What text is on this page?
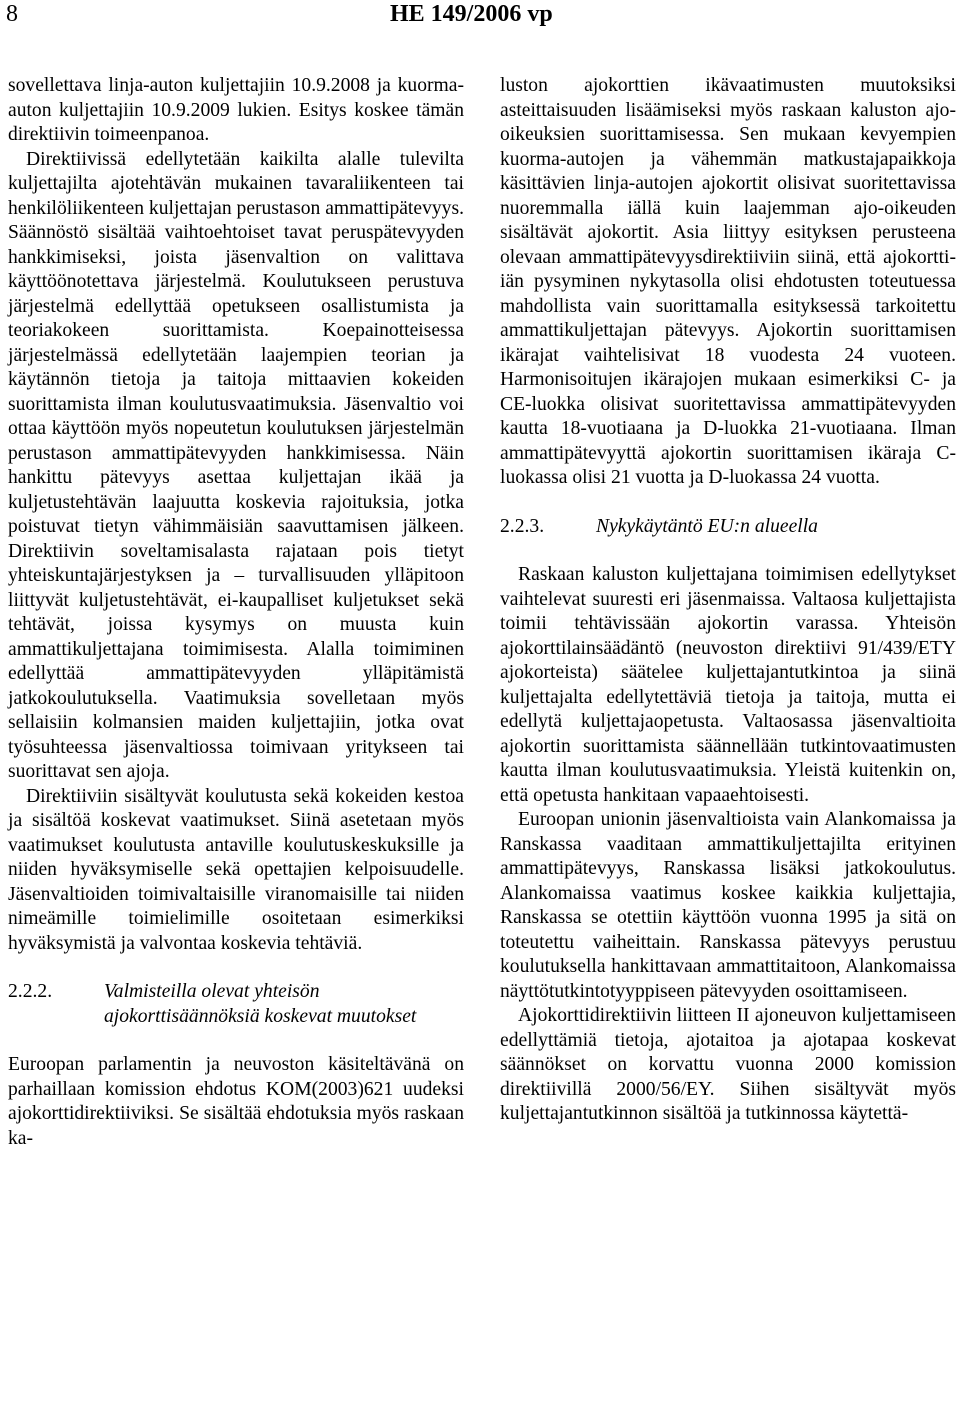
8	HE 149/2006 vp

sovellettava linja-auton kuljettajiin 10.9.2008 ja kuorma-auton kuljettajiin 10.9.2009 lukien. Esitys koskee tämän direktiivin toimeenpanoa.

Direktiivissä edellytetään kaikilta alalle tulevilta kuljettajilta ajotehtävän mukainen tavaraliikenteen tai henkilöliikenteen kuljettajan perustason ammattipätevyys. Säännöstö sisältää vaihtoehtoiset tavat peruspätevyyden hankkimiseksi, joista jäsenvaltion on valittava käyttöönotettava järjestelmä. Koulutukseen perustuva järjestelmä edellyttää opetukseen osallistumista ja teoriakokeen suorittamista. Koepainotteisessa järjestelmässä edellytetään laajempien teorian ja käytännön tietoja ja taitoja mittaavien kokeiden suorittamista ilman koulutusvaatimuksia. Jäsenvaltio voi ottaa käyttöön myös nopeutetun koulutuksen järjestelmän perustason ammattipätevyyden hankkimisessa. Näin hankittu pätevyys asettaa kuljettajan ikää ja kuljetustehtävän laajuutta koskevia rajoituksia, jotka poistuvat tietyn vähimmäisiän saavuttamisen jälkeen. Direktiivin soveltamisalasta rajataan pois tietyt yhteiskuntajärjestyksen ja – turvallisuuden ylläpitoon liittyvät kuljetustehtävät, ei-kaupalliset kuljetukset sekä tehtävät, joissa kysymys on muusta kuin ammattikuljettajana toimimisesta. Alalla toimiminen edellyttää ammattipätevyyden ylläpitämistä jatkokoulutuksella. Vaatimuksia sovelletaan myös sellaisiin kolmansien maiden kuljettajiin, jotka ovat työsuhteessa jäsenvaltiossa toimivaan yritykseen tai suorittavat sen ajoja.

Direktiiviin sisältyvät koulutusta sekä kokeiden kestoa ja sisältöä koskevat vaatimukset. Siinä asetetaan myös vaatimukset koulutusta antaville koulutuskeskuksille ja niiden hyväksymiselle sekä opettajien kelpoisuudelle. Jäsenvaltioiden toimivaltaisille viranomaisille tai niiden nimeämille toimielimille osoitetaan esimerkiksi hyväksymistä ja valvontaa koskevia tehtäviä.

2.2.2.	Valmisteilla olevat yhteisön ajokorttisäännöksiä koskevat muutokset

Euroopan parlamentin ja neuvoston käsiteltävänä on parhaillaan komission ehdotus KOM(2003)621 uudeksi ajokorttidirektiiviksi. Se sisältää ehdotuksia myös raskaan ka-

luston ajokorttien ikävaatimusten muutoksiksi asteittaisuuden lisäämiseksi myös raskaan kaluston ajo-oikeuksien suorittamisessa. Sen mukaan kevyempien kuorma-autojen ja vähemmän matkustajapaikkoja käsittävien linja-autojen ajokortit olisivat suoritettavissa nuoremmalla iällä kuin laajemman ajo-oikeuden sisältävät ajokortit. Asia liittyy esityksen perusteena olevaan ammattipätevyysdirektiiviin siinä, että ajokortti-iän pysyminen nykytasolla olisi ehdotusten toteutuessa mahdollista vain suorittamalla esityksessä tarkoitettu ammattikuljettajan pätevyys. Ajokortin suorittamisen ikärajat vaihtelisivat 18 vuodesta 24 vuoteen. Harmonisoitujen ikärajojen mukaan esimerkiksi C- ja CE-luokka olisivat suoritettavissa ammattipätevyyden kautta 18-vuotiaana ja D-luokka 21-vuotiaana. Ilman ammattipätevyyttä ajokortin suorittamisen ikäraja C-luokassa olisi 21 vuotta ja D-luokassa 24 vuotta.

2.2.3.	Nykykäytäntö EU:n alueella

Raskaan kaluston kuljettajana toimimisen edellytykset vaihtelevat suuresti eri jäsenmaissa. Valtaosa kuljettajista toimii tehtävissään ajokortin varassa. Yhteisön ajokorttilainsäädäntö (neuvoston direktiivi 91/439/ETY ajokorteista) säätelee kuljettajantutkintoa ja siinä kuljettajalta edellytettäviä tietoja ja taitoja, mutta ei edellytä kuljettajaopetusta. Valtaosassa jäsenvaltioita ajokortin suorittamista säännellään tutkintovaatimusten kautta ilman koulutusvaatimuksia. Yleistä kuitenkin on, että opetusta hankitaan vapaaehtoisesti.

Euroopan unionin jäsenvaltioista vain Alankomaissa ja Ranskassa vaaditaan ammattikuljettajilta erityinen ammattipätevyys, Ranskassa lisäksi jatkokoulutus. Alankomaissa vaatimus koskee kaikkia kuljettajia, Ranskassa se otettiin käyttöön vuonna 1995 ja sitä on toteutettu vaiheittain. Ranskassa pätevyys perustuu koulutuksella hankittavaan ammattitaitoon, Alankomaissa näyttötutkintotyyppiseen pätevyyden osoittamiseen.

Ajokorttidirektiivin liitteen II ajoneuvon kuljettamiseen edellyttämiä tietoja, ajotaitoa ja ajotapaa koskevat säännökset on korvattu vuonna 2000 komission direktiivillä 2000/56/EY. Siihen sisältyvät myös kuljettajantutkinnon sisältöä ja tutkinnossa käytettä-
